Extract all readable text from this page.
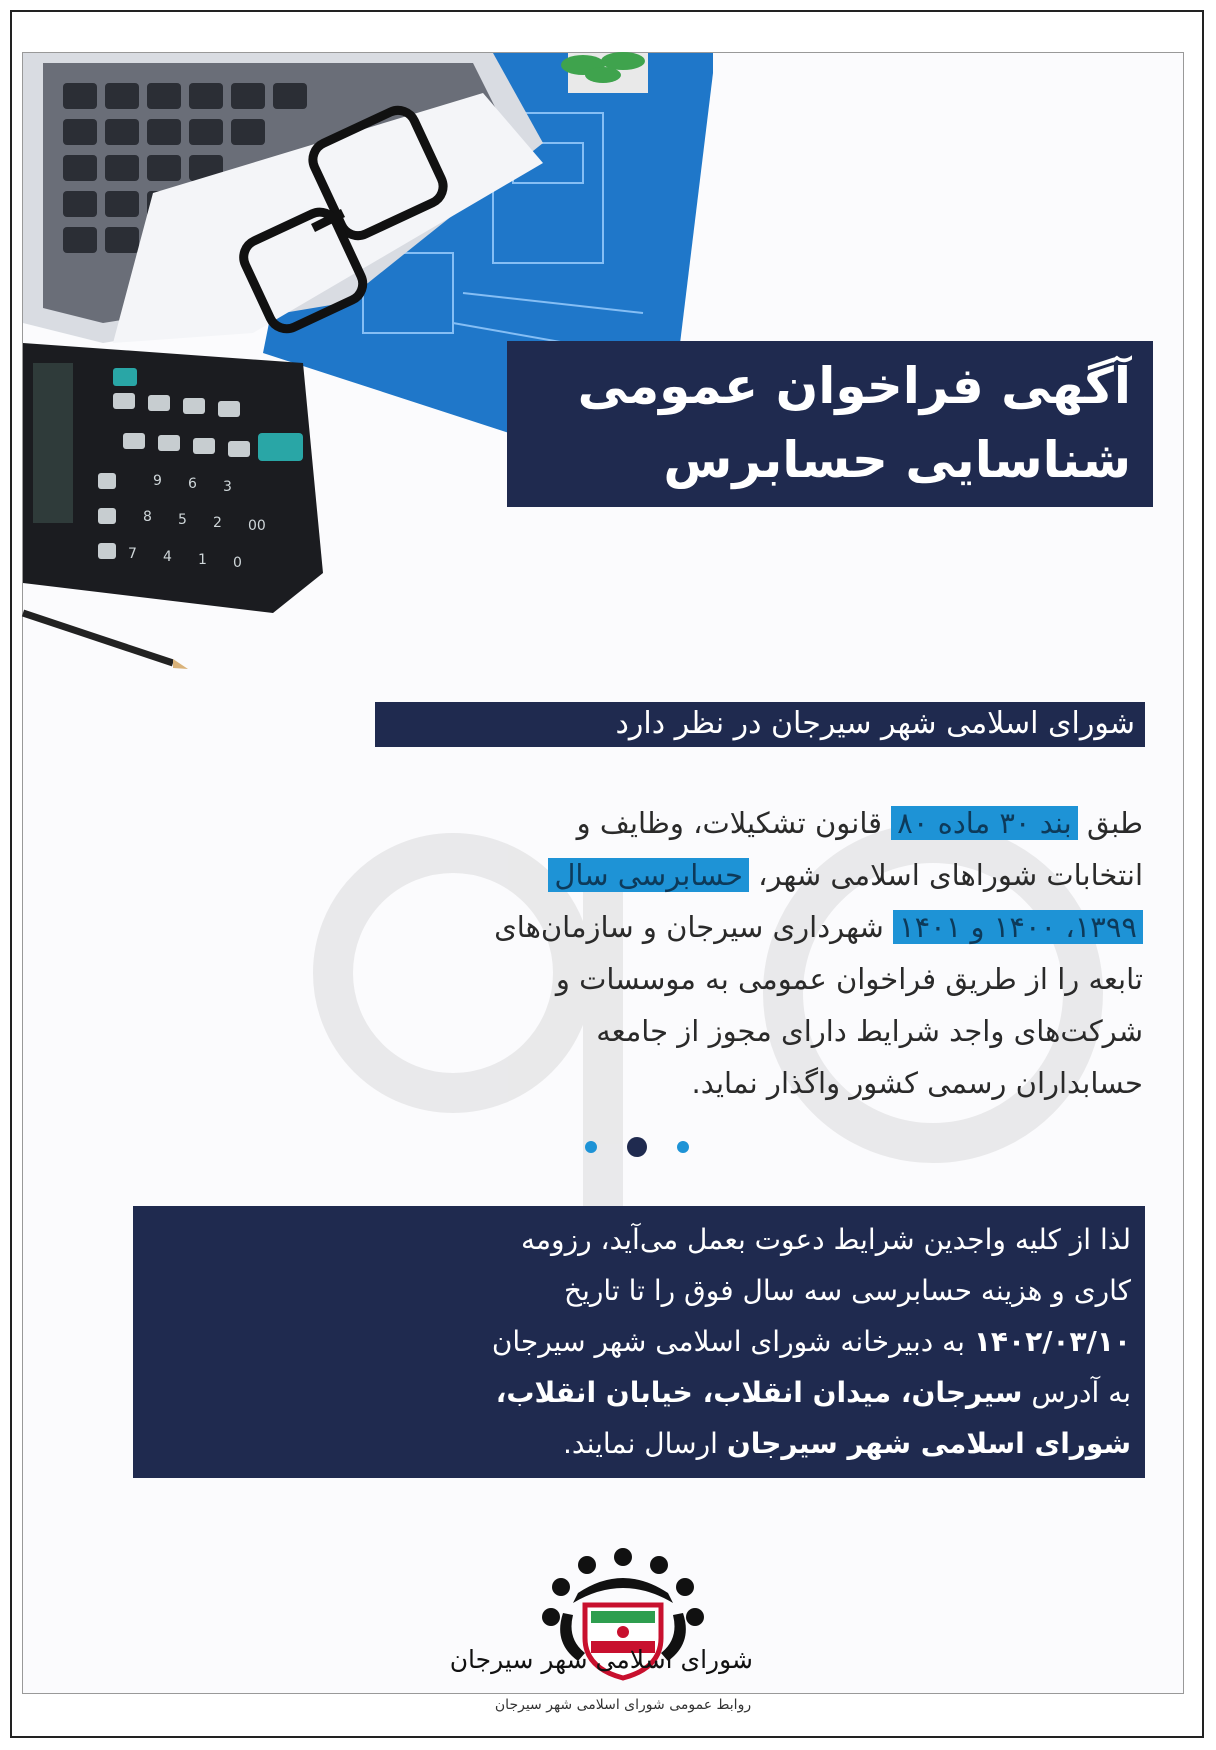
9 6 3
8 5 2 00
7 4 1 0
آگهی فراخوان عمومی
شناسایی حسابرس
شورای اسلامی شهر سیرجان در نظر دارد
طبق بند ۳۰ ماده ۸۰ قانون تشکیلات، وظایف و
انتخابات شوراهای اسلامی شهر، حسابرسی سال
۱۳۹۹، ۱۴۰۰ و ۱۴۰۱ شهرداری سیرجان و سازمان‌های
تابعه را از طریق فراخوان عمومی به موسسات و
شرکت‌های واجد شرایط دارای مجوز از جامعه
حسابداران رسمی کشور واگذار نماید.
لذا از کلیه واجدین شرایط دعوت بعمل می‌آید، رزومه
کاری و هزینه حسابرسی سه سال فوق را تا تاریخ
۱۴۰۲/۰۳/۱۰ به دبیرخانه شورای اسلامی شهر سیرجان
به آدرس سیرجان، میدان انقلاب، خیابان انقلاب،
شورای اسلامی شهر سیرجان ارسال نمایند.
شورای اسلامی شهر سیرجان
روابط عمومی شورای اسلامی شهر سیرجان
